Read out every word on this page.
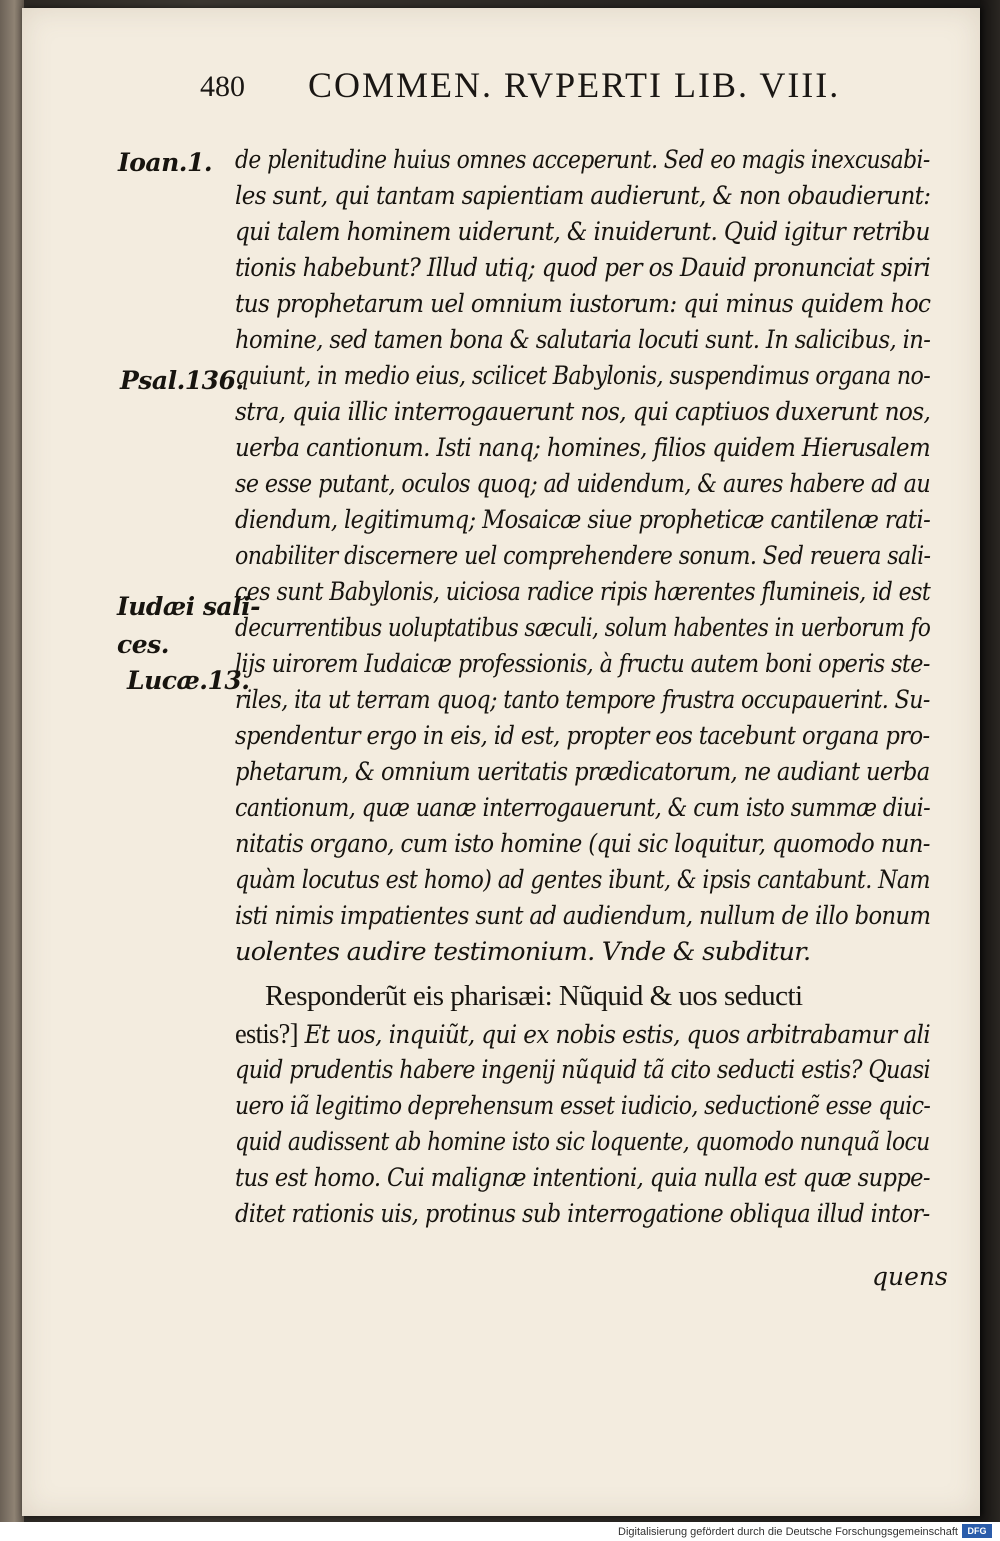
480 COMMEN. RVPERTI LIB. VIII.
Ioan.1.
Psal.136.
Iudæi sali-
ces.
Lucæ.13.
de plenitudine huius omnes acceperunt. Sed eo magis inexcusabi-
les sunt, qui tantam sapientiam audierunt, & non obaudierunt:
qui talem hominem uiderunt, & inuiderunt. Quid igitur retribu
tionis habebunt? Illud utiq; quod per os Dauid pronunciat spiri
tus prophetarum uel omnium iustorum: qui minus quidem hoc
homine, sed tamen bona & salutaria locuti sunt. In salicibus, in-
quiunt, in medio eius, scilicet Babylonis, suspendimus organa no-
stra, quia illic interrogauerunt nos, qui captiuos duxerunt nos,
uerba cantionum. Isti nanq; homines, filios quidem Hierusalem
se esse putant, oculos quoq; ad uidendum, & aures habere ad au
diendum, legitimumq; Mosaicæ siue propheticæ cantilenæ rati-
onabiliter discernere uel comprehendere sonum. Sed reuera sali-
ces sunt Babylonis, uiciosa radice ripis hærentes flumineis, id est
decurrentibus uoluptatibus sæculi, solum habentes in uerborum fo
lijs uirorem Iudaicæ professionis, à fructu autem boni operis ste-
riles, ita ut terram quoq; tanto tempore frustra occupauerint. Su-
spendentur ergo in eis, id est, propter eos tacebunt organa pro-
phetarum, & omnium ueritatis prædicatorum, ne audiant uerba
cantionum, quæ uanæ interrogauerunt, & cum isto summæ diui-
nitatis organo, cum isto homine (qui sic loquitur, quomodo nun-
quàm locutus est homo) ad gentes ibunt, & ipsis cantabunt. Nam
isti nimis impatientes sunt ad audiendum, nullum de illo bonum
uolentes audire testimonium. Vnde & subditur.
Responderũt eis pharisæi: Nũquid & uos seducti
estis?] Et uos, inquiũt, qui ex nobis estis, quos arbitrabamur ali
quid prudentis habere ingenij nũquid tã cito seducti estis? Quasi
uero iã legitimo deprehensum esset iudicio, seductionẽ esse quic-
quid audissent ab homine isto sic loquente, quomodo nunquã locu
tus est homo. Cui malignæ intentioni, quia nulla est quæ suppe-
ditet rationis uis, protinus sub interrogatione obliqua illud intor-
quens
Digitalisierung gefördert durch die Deutsche Forschungsgemeinschaft	DFG
